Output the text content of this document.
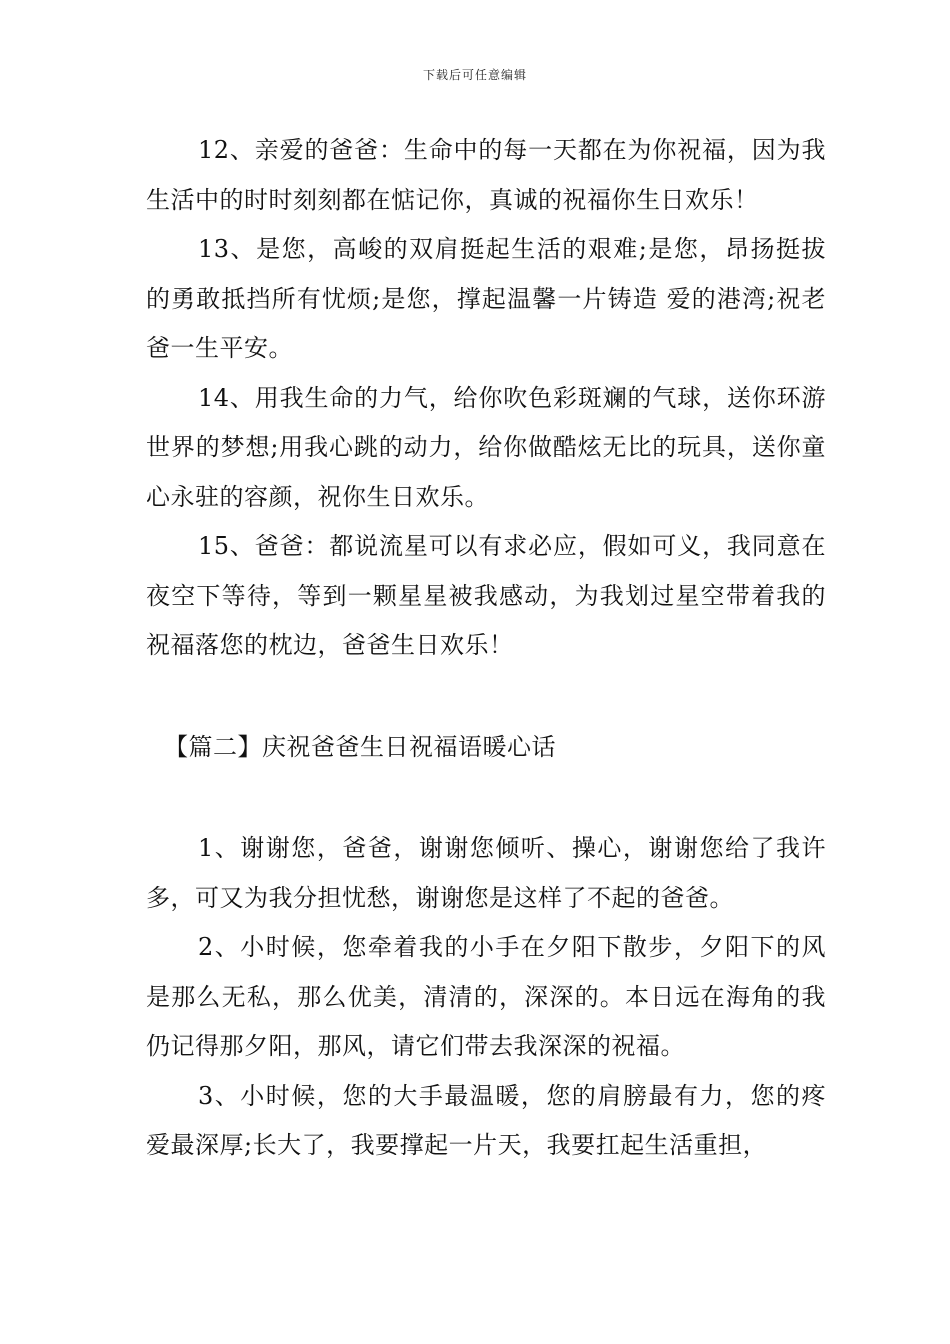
下载后可任意编辑

12、亲爱的爸爸：生命中的每一天都在为你祝福，因为我生活中的时时刻刻都在惦记你，真诚的祝福你生日欢乐！

13、是您，高峻的双肩挺起生活的艰难;是您，昂扬挺拔的勇敢抵挡所有忧烦;是您，撑起温馨一片铸造 爱的港湾;祝老爸一生平安。

14、用我生命的力气，给你吹色彩斑斓的气球，送你环游世界的梦想;用我心跳的动力，给你做酷炫无比的玩具，送你童心永驻的容颜，祝你生日欢乐。

15、爸爸：都说流星可以有求必应，假如可义，我同意在夜空下等待，等到一颗星星被我感动，为我划过星空带着我的祝福落您的枕边，爸爸生日欢乐！

【篇二】庆祝爸爸生日祝福语暖心话

1、谢谢您，爸爸，谢谢您倾听、操心，谢谢您给了我许多，可又为我分担忧愁，谢谢您是这样了不起的爸爸。

2、小时候，您牵着我的小手在夕阳下散步，夕阳下的风是那么无私，那么优美，清清的，深深的。本日远在海角的我仍记得那夕阳，那风，请它们带去我深深的祝福。

3、小时候，您的大手最温暖，您的肩膀最有力，您的疼爱最深厚;长大了，我要撑起一片天，我要扛起生活重担，
